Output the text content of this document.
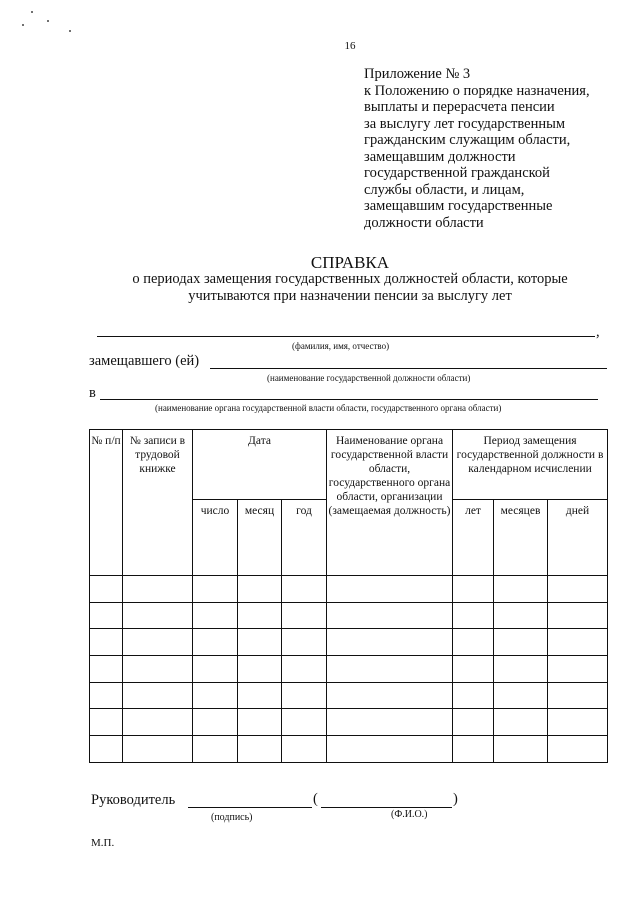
16
Приложение № 3
к Положению о порядке назначения,
выплаты и перерасчета пенсии
за выслугу лет государственным
гражданским служащим области,
замещавшим должности
государственной гражданской
службы области, и лицам,
замещавшим государственные
должности области
СПРАВКА
о периодах замещения государственных должностей области, которые
учитываются при назначении пенсии за выслугу лет
,
(фамилия, имя, отчество)
замещавшего (ей)
(наименование государственной должности области)
в
(наименование органа государственной власти области, государственного органа области)
№ п/п	№ записи в трудовой книжке	Дата			Наименование органа государственной власти области, государственного органа области, организации (замещаемая должность)	Период замещения государственной должности в календарном исчислении		
		число	месяц	год		лет	месяцев	дней

Руководитель	(	)
(подпись)	(Ф.И.О.)
М.П.
